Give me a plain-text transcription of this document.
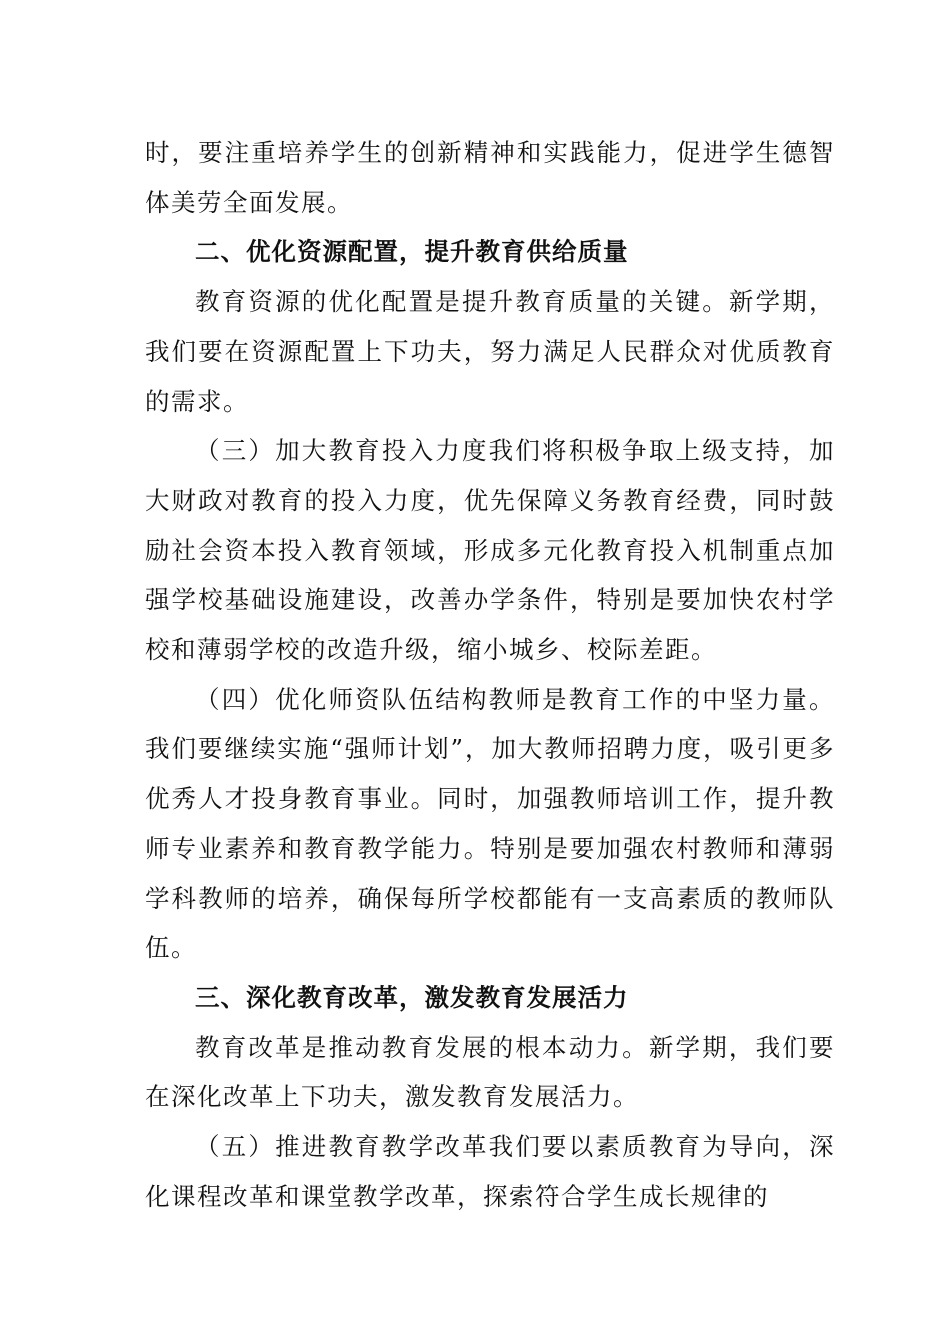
时，要注重培养学生的创新精神和实践能力，促进学生德智体美劳全面发展。

二、优化资源配置，提升教育供给质量

教育资源的优化配置是提升教育质量的关键。新学期，我们要在资源配置上下功夫，努力满足人民群众对优质教育的需求。

（三）加大教育投入力度我们将积极争取上级支持，加大财政对教育的投入力度，优先保障义务教育经费，同时鼓励社会资本投入教育领域，形成多元化教育投入机制重点加强学校基础设施建设，改善办学条件，特别是要加快农村学校和薄弱学校的改造升级，缩小城乡、校际差距。

（四）优化师资队伍结构教师是教育工作的中坚力量。我们要继续实施“强师计划”，加大教师招聘力度，吸引更多优秀人才投身教育事业。同时，加强教师培训工作，提升教师专业素养和教育教学能力。特别是要加强农村教师和薄弱学科教师的培养，确保每所学校都能有一支高素质的教师队伍。

三、深化教育改革，激发教育发展活力

教育改革是推动教育发展的根本动力。新学期，我们要在深化改革上下功夫，激发教育发展活力。

（五）推进教育教学改革我们要以素质教育为导向，深化课程改革和课堂教学改革，探索符合学生成长规律的
